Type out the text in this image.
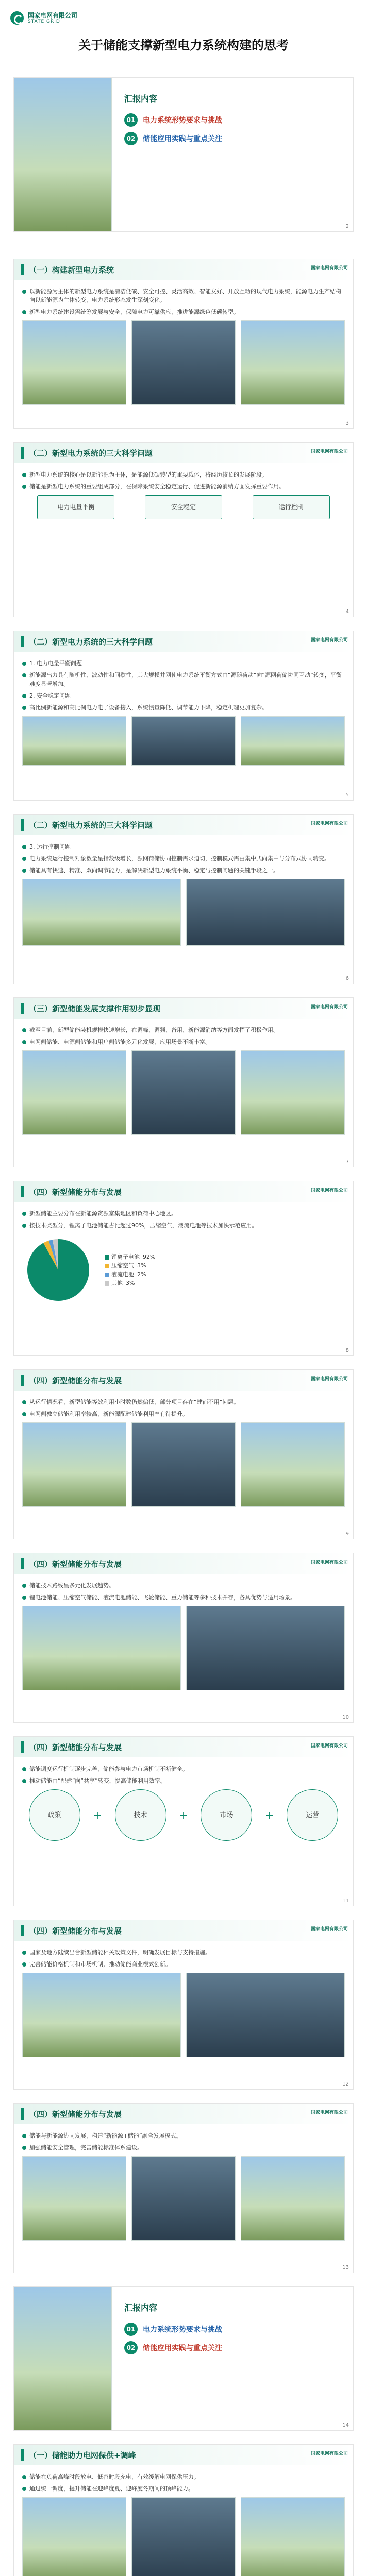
国家电网有限公司
STATE GRID
关于储能支撑新型电力系统构建的思考
汇报内容
01	电力系统形势要求与挑战
02	储能应用实践与重点关注
2
（一）构建新型电力系统	国家电网有限公司
以新能源为主体的新型电力系统是清洁低碳、安全可控、灵活高效、智能友好、开放互动的现代电力系统，能源电力生产结构向以新能源为主体转变，电力系统形态发生深刻变化。
新型电力系统建设需统筹发展与安全，保障电力可靠供应，推进能源绿色低碳转型。
3
（二）新型电力系统的三大科学问题	国家电网有限公司
新型电力系统的核心是以新能源为主体，是能源低碳转型的重要载体，将经历较长的发展阶段。
储能是新型电力系统的重要组成部分，在保障系统安全稳定运行、促进新能源消纳方面发挥重要作用。
电力电量平衡	安全稳定	运行控制
4
（二）新型电力系统的三大科学问题	国家电网有限公司
1. 电力电量平衡问题
新能源出力具有随机性、波动性和间歇性，其大规模并网使电力系统平衡方式由“源随荷动”向“源网荷储协同互动”转变，平衡难度显著增加。
2. 安全稳定问题
高比例新能源和高比例电力电子设备接入，系统惯量降低、调节能力下降，稳定机理更加复杂。
5
（二）新型电力系统的三大科学问题	国家电网有限公司
3. 运行控制问题
电力系统运行控制对象数量呈指数级增长，源网荷储协同控制需求迫切，控制模式需由集中式向集中与分布式协同转变。
储能具有快速、精准、双向调节能力，是解决新型电力系统平衡、稳定与控制问题的关键手段之一。
6
（三）新型储能发展支撑作用初步显现	国家电网有限公司
截至目前，新型储能装机规模快速增长，在调峰、调频、备用、新能源消纳等方面发挥了积极作用。
电网侧储能、电源侧储能和用户侧储能多元化发展，应用场景不断丰富。
7
（四）新型储能分布与发展	国家电网有限公司
新型储能主要分布在新能源资源富集地区和负荷中心地区。
按技术类型分，锂离子电池储能占比超过90%，压缩空气、液流电池等技术加快示范应用。
锂离子电池 92%
压缩空气 3%
液流电池 2%
其他 3%
8
（四）新型储能分布与发展	国家电网有限公司
从运行情况看，新型储能等效利用小时数仍然偏低，部分项目存在“建而不用”问题。
电网侧独立储能利用率较高，新能源配建储能利用率有待提升。
9
（四）新型储能分布与发展	国家电网有限公司
储能技术路线呈多元化发展趋势。
锂电池储能、压缩空气储能、液流电池储能、飞轮储能、重力储能等多种技术并存，各具优势与适用场景。
10
（四）新型储能分布与发展	国家电网有限公司
储能调度运行机制逐步完善，储能参与电力市场机制不断健全。
推动储能由“配建”向“共享”转变，提高储能利用效率。
政策	+	技术	+	市场	+	运营
11
（四）新型储能分布与发展	国家电网有限公司
国家及地方陆续出台新型储能相关政策文件，明确发展目标与支持措施。
完善储能价格机制和市场机制，推动储能商业模式创新。
12
（四）新型储能分布与发展	国家电网有限公司
储能与新能源协同发展，构建“新能源+储能”融合发展模式。
加强储能安全管理，完善储能标准体系建设。
13
汇报内容
01	电力系统形势要求与挑战
02	储能应用实践与重点关注
14
（一）储能助力电网保供+调峰	国家电网有限公司
储能在负荷高峰时段放电、低谷时段充电，有效缓解电网保供压力。
通过统一调度，提升储能在迎峰度夏、迎峰度冬期间的顶峰能力。
